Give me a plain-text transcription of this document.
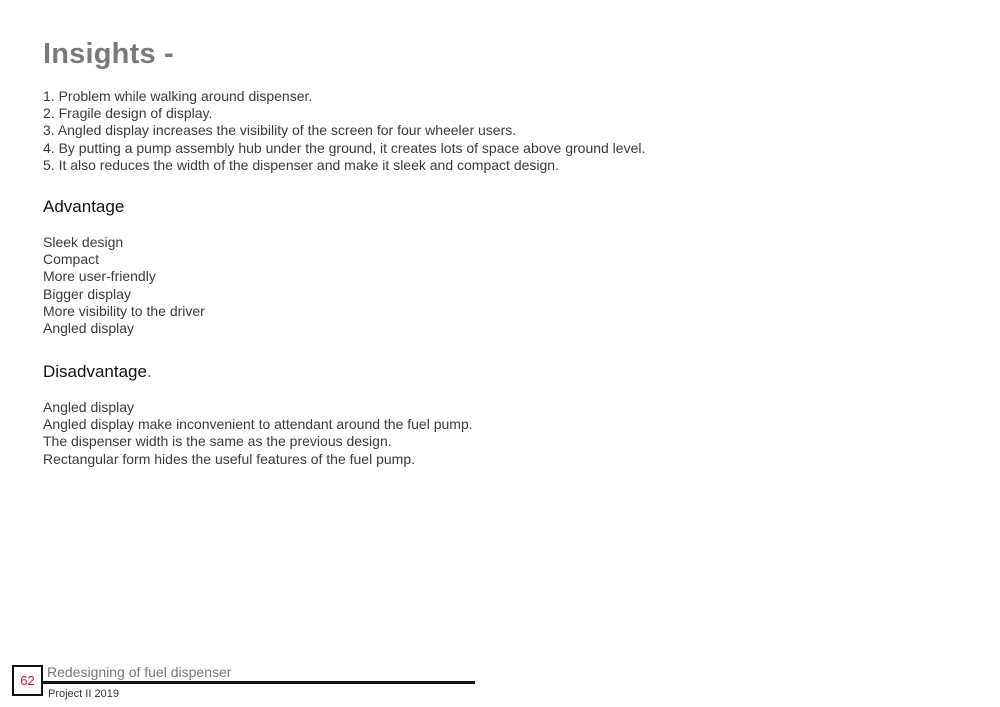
Insights -
1. Problem while walking around dispenser.
2. Fragile design of display.
3. Angled display increases the visibility of the screen for four wheeler users.
4. By putting a pump assembly hub under the ground, it creates lots of space above ground level.
5. It also reduces the width of the dispenser and make it sleek and compact design.
Advantage
Sleek design
Compact
More user-friendly
Bigger display
More visibility to the driver
Angled display
Disadvantage.
Angled display
Angled display make inconvenient to attendant around the fuel pump.
The dispenser width is the same as the previous design.
Rectangular form hides the useful features of the fuel pump.
62
Redesigning of fuel dispenser
Project II 2019
